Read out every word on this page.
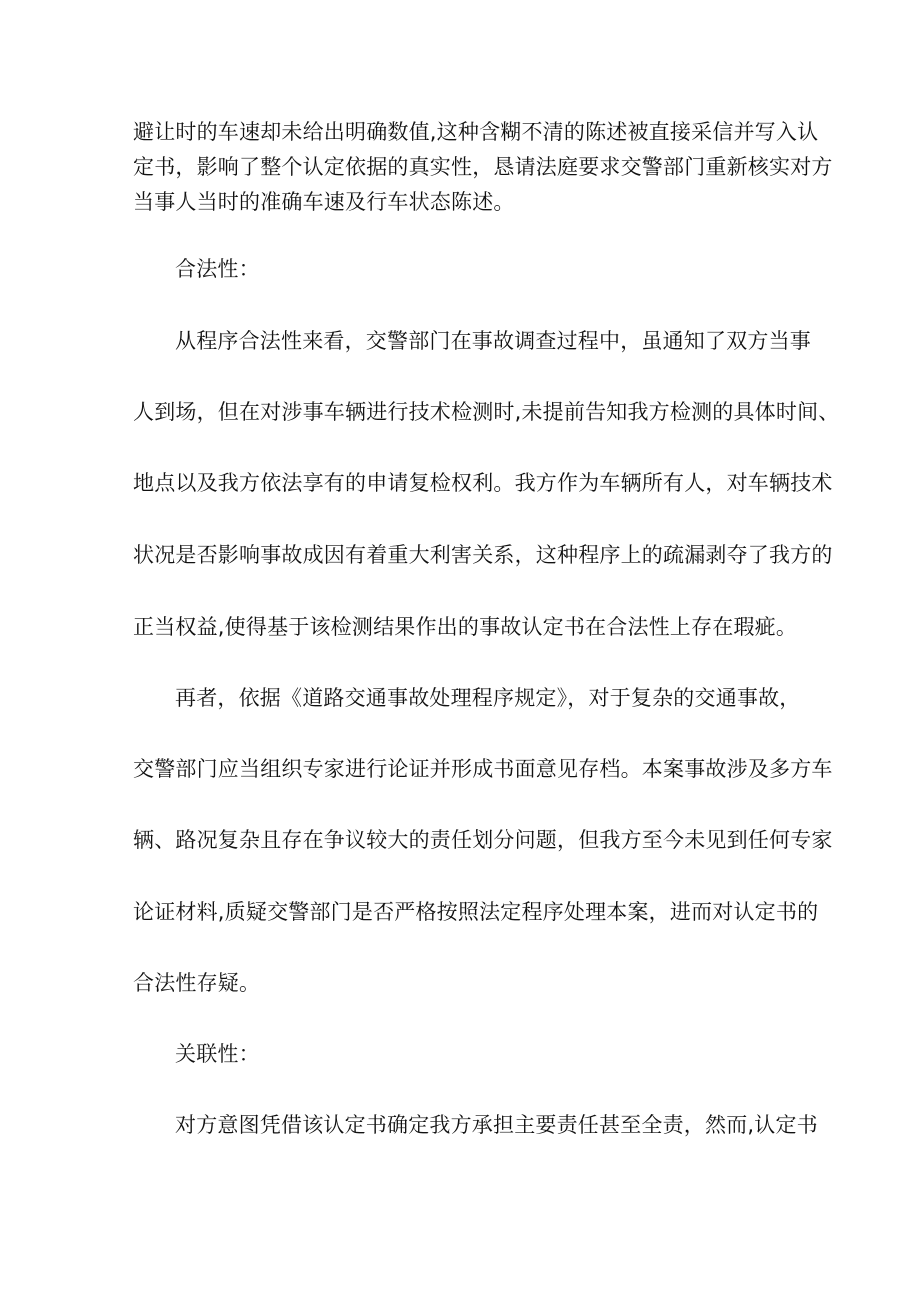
避让时的车速却未给出明确数值,这种含糊不清的陈述被直接采信并写入认
定书，影响了整个认定依据的真实性，恳请法庭要求交警部门重新核实对方
当事人当时的准确车速及行车状态陈述。
合法性：
从程序合法性来看，交警部门在事故调查过程中，虽通知了双方当事
人到场，但在对涉事车辆进行技术检测时,未提前告知我方检测的具体时间、
地点以及我方依法享有的申请复检权利。我方作为车辆所有人，对车辆技术
状况是否影响事故成因有着重大利害关系，这种程序上的疏漏剥夺了我方的
正当权益,使得基于该检测结果作出的事故认定书在合法性上存在瑕疵。
再者，依据《道路交通事故处理程序规定》，对于复杂的交通事故，
交警部门应当组织专家进行论证并形成书面意见存档。本案事故涉及多方车
辆、路况复杂且存在争议较大的责任划分问题，但我方至今未见到任何专家
论证材料,质疑交警部门是否严格按照法定程序处理本案，进而对认定书的
合法性存疑。
关联性：
对方意图凭借该认定书确定我方承担主要责任甚至全责，然而,认定书
